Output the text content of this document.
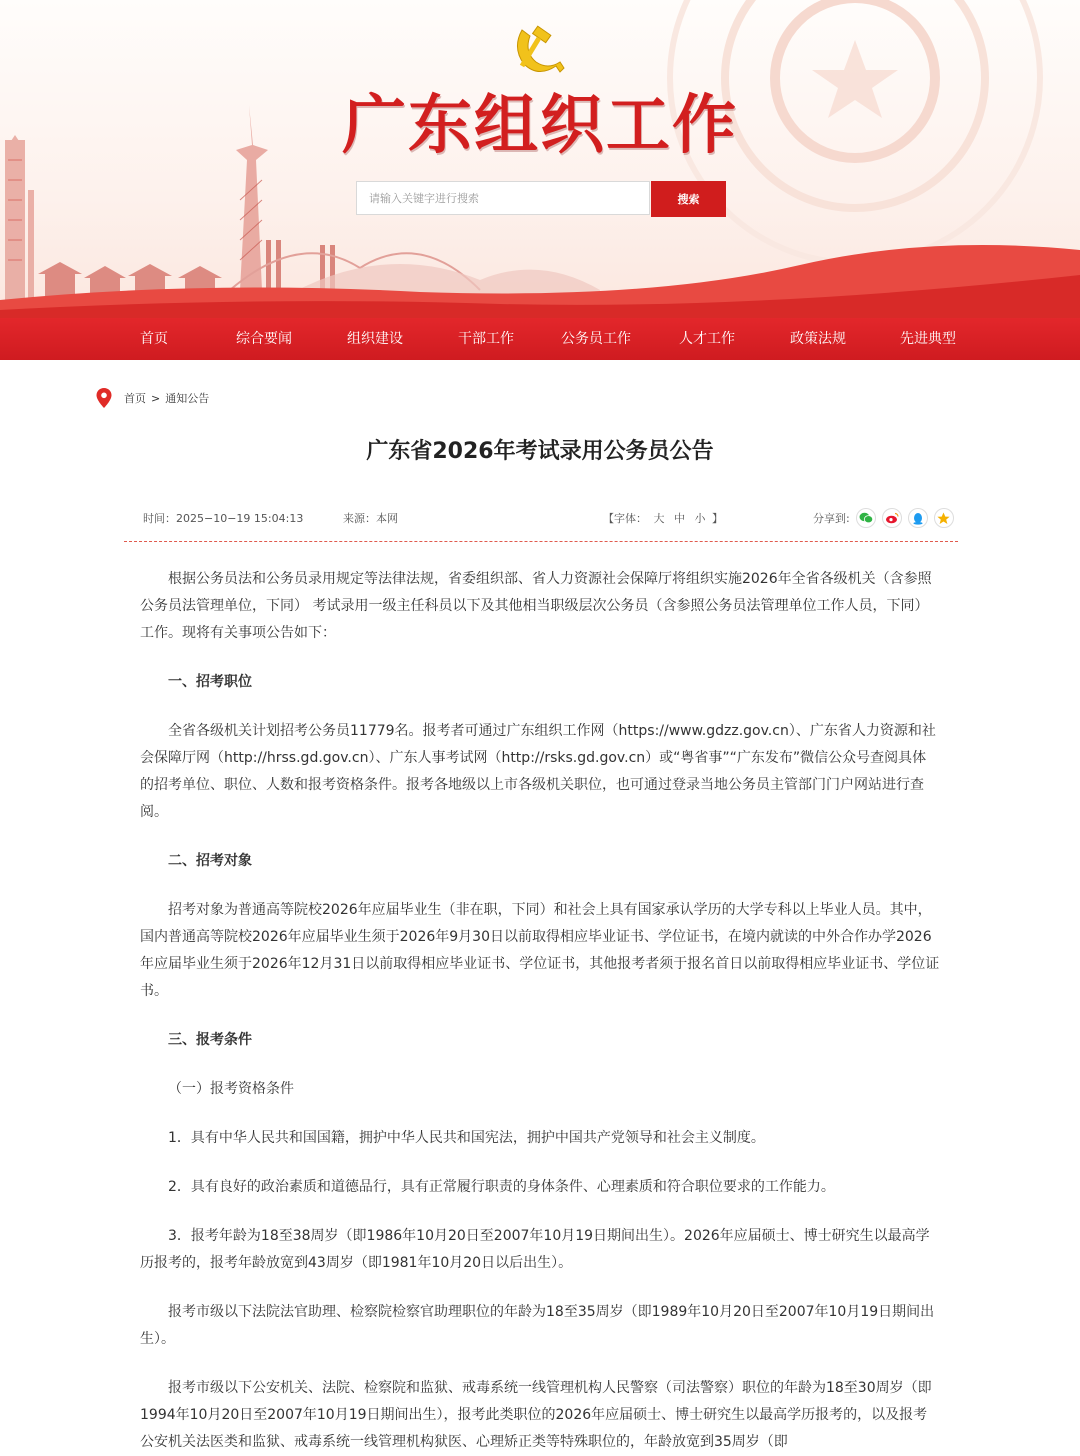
广东组织工作
请输入关键字进行搜索
搜索
首页	综合要闻	组织建设	干部工作	公务员工作	人才工作	政策法规	先进典型
首页 > 通知公告
广东省2026年考试录用公务员公告
时间：2025−10−19 15:04:13	来源：本网	【字体： 大 中 小 】	分享到:

根据公务员法和公务员录用规定等法律法规，省委组织部、省人力资源社会保障厅将组织实施2026年全省各级机关（含参照公务员法管理单位，下同） 考试录用一级主任科员以下及其他相当职级层次公务员（含参照公务员法管理单位工作人员，下同）工作。现将有关事项公告如下：

一、招考职位

全省各级机关计划招考公务员11779名。报考者可通过广东组织工作网（https://www.gdzz.gov.cn）、广东省人力资源和社会保障厅网（http://hrss.gd.gov.cn）、广东人事考试网（http://rsks.gd.gov.cn）或“粤省事”“广东发布”微信公众号查阅具体的招考单位、职位、人数和报考资格条件。报考各地级以上市各级机关职位，也可通过登录当地公务员主管部门门户网站进行查阅。

二、招考对象

招考对象为普通高等院校2026年应届毕业生（非在职，下同）和社会上具有国家承认学历的大学专科以上毕业人员。其中，国内普通高等院校2026年应届毕业生须于2026年9月30日以前取得相应毕业证书、学位证书，在境内就读的中外合作办学2026年应届毕业生须于2026年12月31日以前取得相应毕业证书、学位证书，其他报考者须于报名首日以前取得相应毕业证书、学位证书。

三、报考条件

（一）报考资格条件

1．具有中华人民共和国国籍，拥护中华人民共和国宪法，拥护中国共产党领导和社会主义制度。

2．具有良好的政治素质和道德品行，具有正常履行职责的身体条件、心理素质和符合职位要求的工作能力。

3．报考年龄为18至38周岁（即1986年10月20日至2007年10月19日期间出生）。2026年应届硕士、博士研究生以最高学历报考的，报考年龄放宽到43周岁（即1981年10月20日以后出生）。

报考市级以下法院法官助理、检察院检察官助理职位的年龄为18至35周岁（即1989年10月20日至2007年10月19日期间出生）。

报考市级以下公安机关、法院、检察院和监狱、戒毒系统一线管理机构人民警察（司法警察）职位的年龄为18至30周岁（即1994年10月20日至2007年10月19日期间出生），报考此类职位的2026年应届硕士、博士研究生以最高学历报考的，以及报考公安机关法医类和监狱、戒毒系统一线管理机构狱医、心理矫正类等特殊职位的，年龄放宽到35周岁（即
